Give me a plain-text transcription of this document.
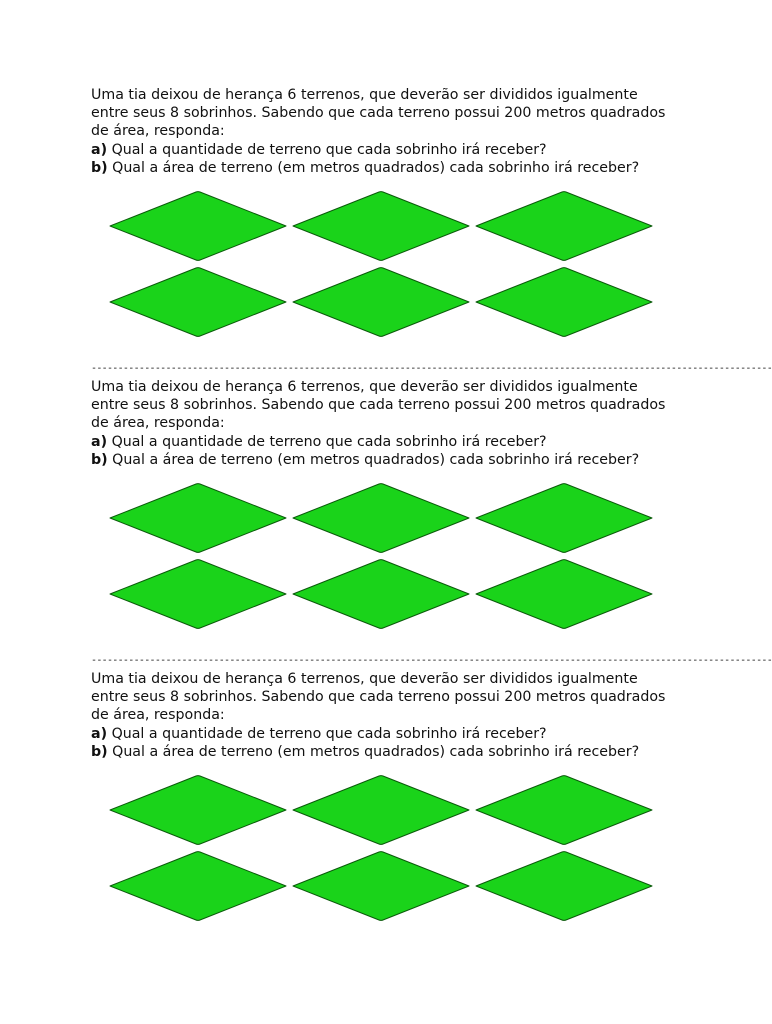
Uma tia deixou de herança 6 terrenos, que deverão ser divididos igualmente
entre seus 8 sobrinhos. Sabendo que cada terreno possui 200 metros quadrados
de área, responda:
a) Qual a quantidade de terreno que cada sobrinho irá receber?
b) Qual a área de terreno (em metros quadrados) cada sobrinho irá receber?

--------------------------------------------------------------------------------------------------------------------------------

Uma tia deixou de herança 6 terrenos, que deverão ser divididos igualmente
entre seus 8 sobrinhos. Sabendo que cada terreno possui 200 metros quadrados
de área, responda:
a) Qual a quantidade de terreno que cada sobrinho irá receber?
b) Qual a área de terreno (em metros quadrados) cada sobrinho irá receber?

--------------------------------------------------------------------------------------------------------------------------------

Uma tia deixou de herança 6 terrenos, que deverão ser divididos igualmente
entre seus 8 sobrinhos. Sabendo que cada terreno possui 200 metros quadrados
de área, responda:
a) Qual a quantidade de terreno que cada sobrinho irá receber?
b) Qual a área de terreno (em metros quadrados) cada sobrinho irá receber?
